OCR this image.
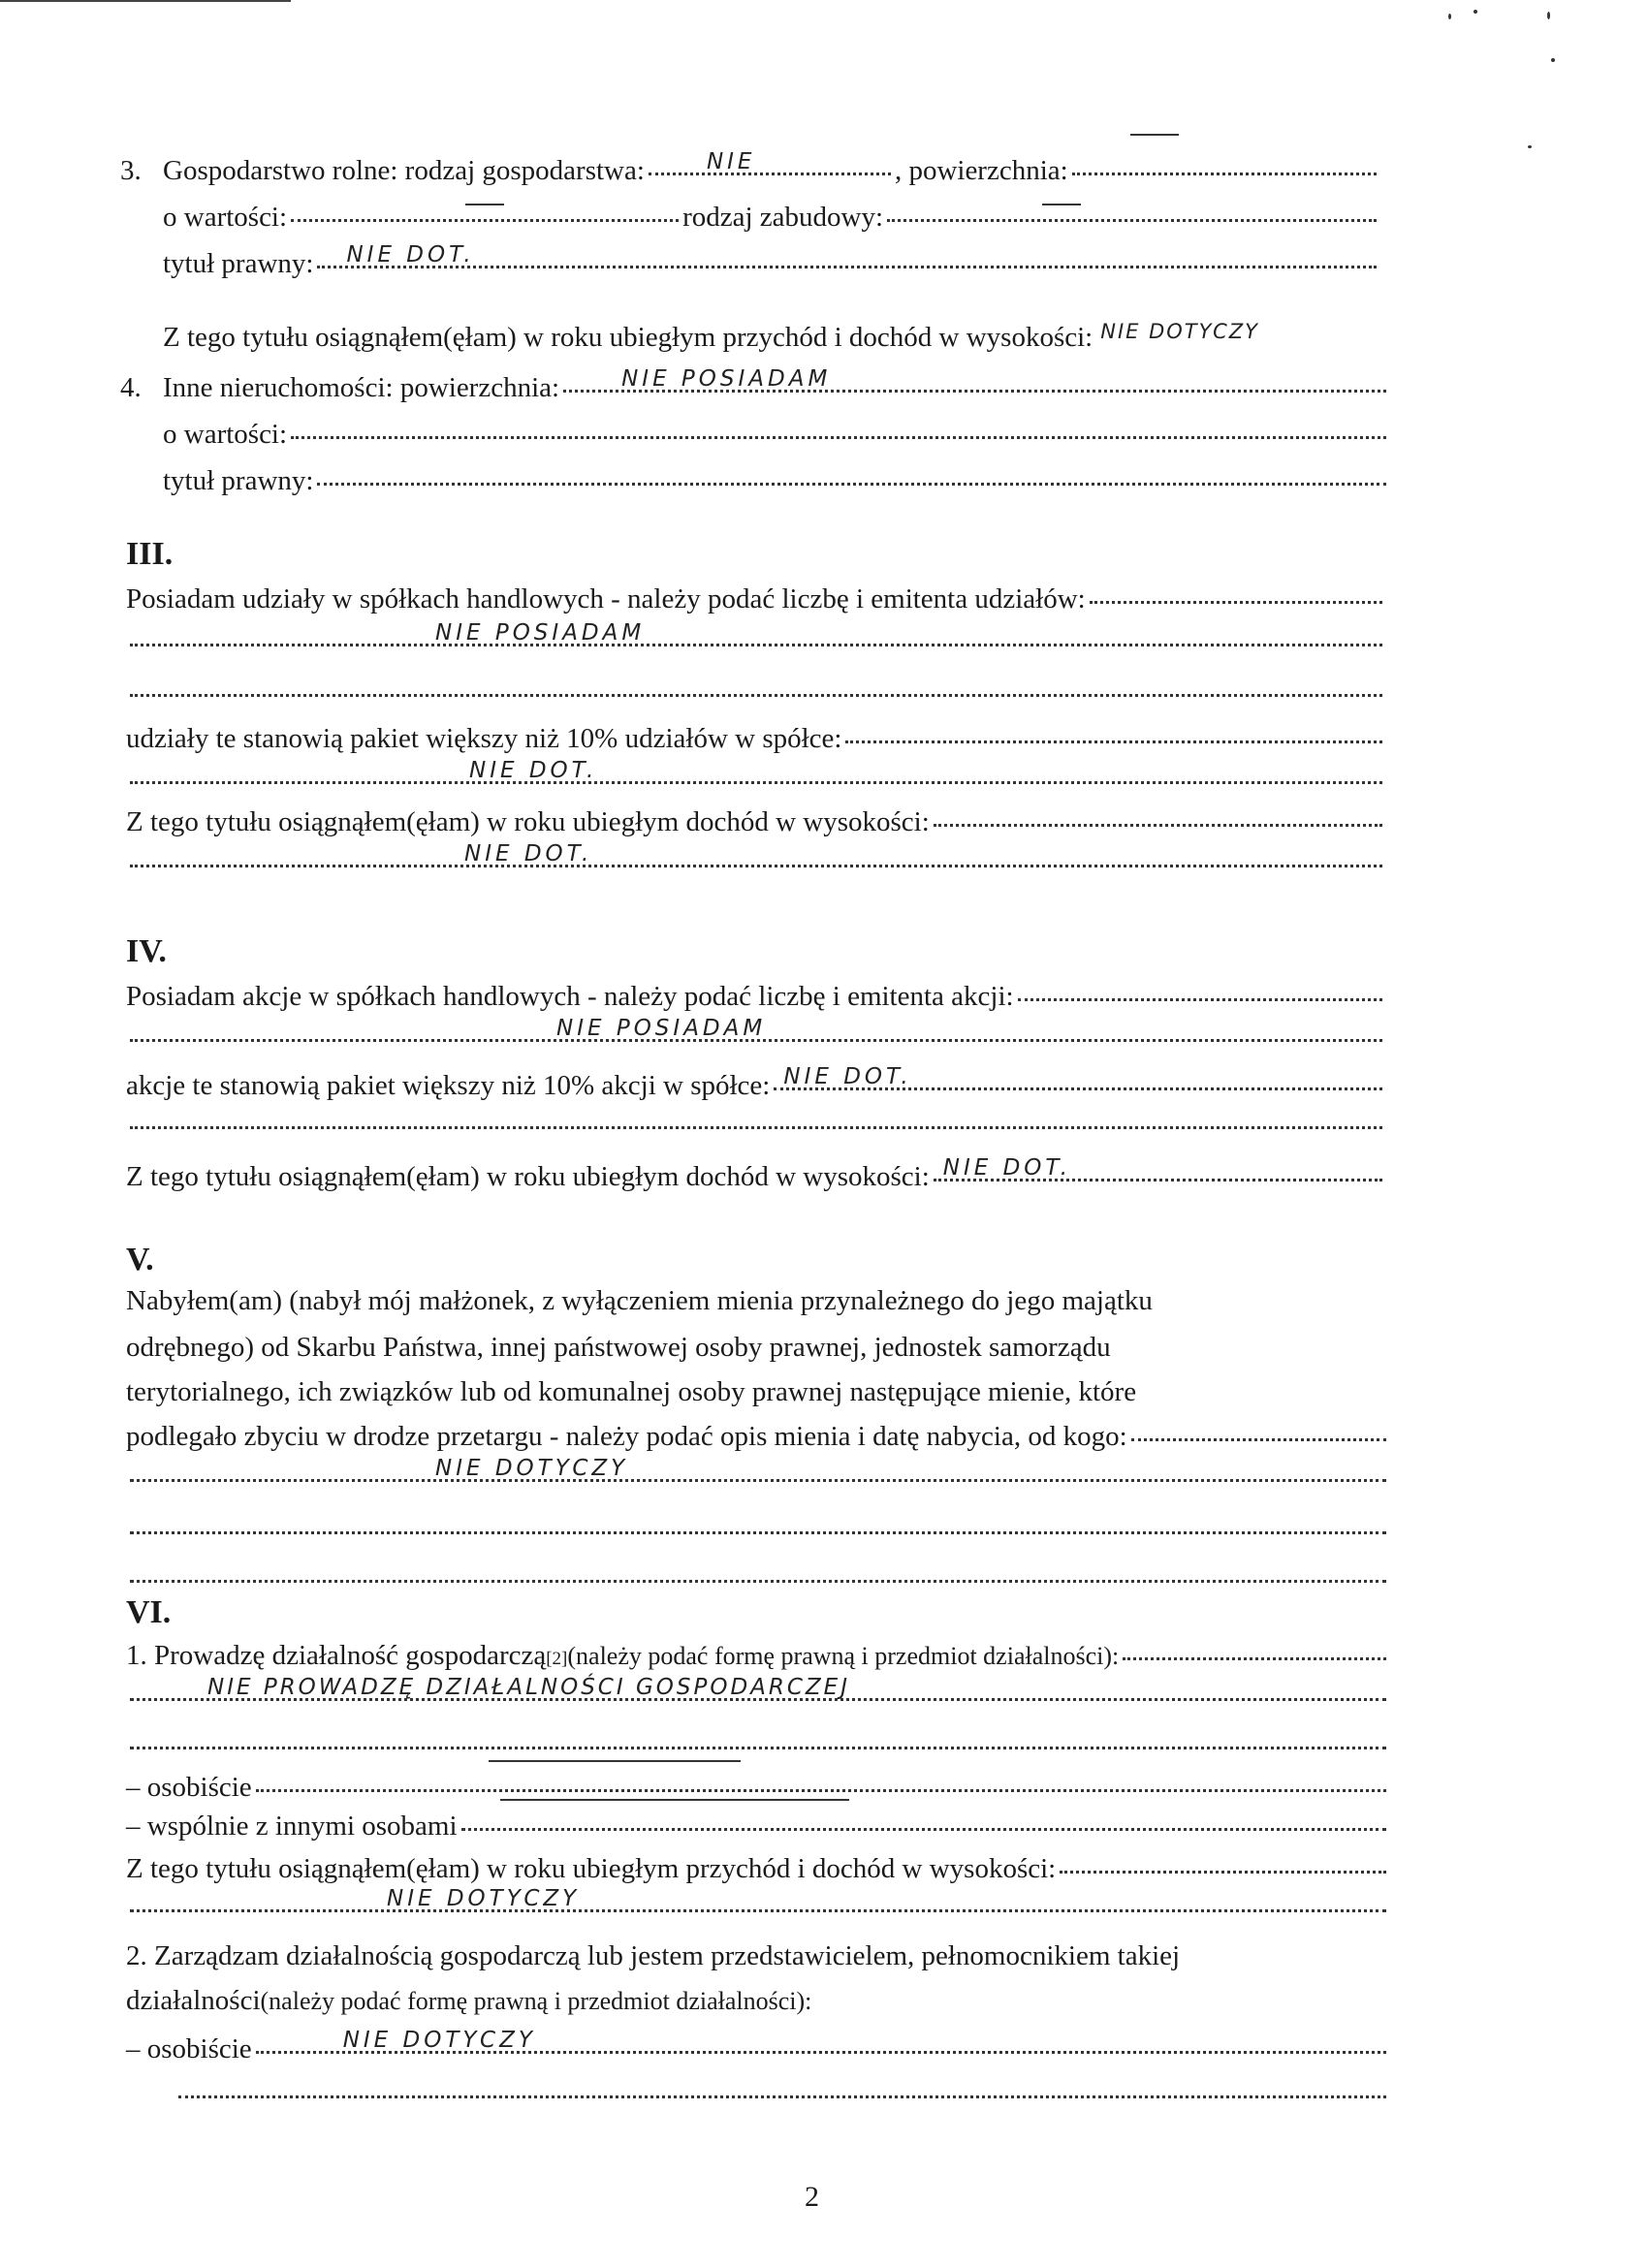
3. Gospodarstwo rolne: rodzaj gospodarstwa:	NIE	, powierzchnia:
o wartości:	rodzaj zabudowy:
tytuł prawny: NIE DOT.
Z tego tytułu osiągnąłem(ęłam) w roku ubiegłym przychód i dochód w wysokości: NIE DOTYCZY
4. Inne nieruchomości: powierzchnia:	NIE POSIADAM
o wartości:
tytuł prawny:
III.
Posiadam udziały w spółkach handlowych - należy podać liczbę i emitenta udziałów:
NIE POSIADAM
udziały te stanowią pakiet większy niż 10% udziałów w spółce:
NIE DOT.
Z tego tytułu osiągnąłem(ęłam) w roku ubiegłym dochód w wysokości:
NIE DOT.
IV.
Posiadam akcje w spółkach handlowych - należy podać liczbę i emitenta akcji:
NIE POSIADAM
akcje te stanowią pakiet większy niż 10% akcji w spółce: NIE DOT.
Z tego tytułu osiągnąłem(ęłam) w roku ubiegłym dochód w wysokości: NIE DOT.
V.
Nabyłem(am) (nabył mój małżonek, z wyłączeniem mienia przynależnego do jego majątku
odrębnego) od Skarbu Państwa, innej państwowej osoby prawnej, jednostek samorządu
terytorialnego, ich związków lub od komunalnej osoby prawnej następujące mienie, które
podlegało zbyciu w drodze przetargu - należy podać opis mienia i datę nabycia, od kogo:
NIE DOTYCZY
VI.
1. Prowadzę działalność gospodarczą [2] (należy podać formę prawną i przedmiot działalności):
NIE PROWADZĘ DZIAŁALNOŚCI GOSPODARCZEJ
– osobiście
– wspólnie z innymi osobami
Z tego tytułu osiągnąłem(ęłam) w roku ubiegłym przychód i dochód w wysokości:
NIE DOTYCZY
2. Zarządzam działalnością gospodarczą lub jestem przedstawicielem, pełnomocnikiem takiej
działalności (należy podać formę prawną i przedmiot działalności):
– osobiście	NIE DOTYCZY
2
